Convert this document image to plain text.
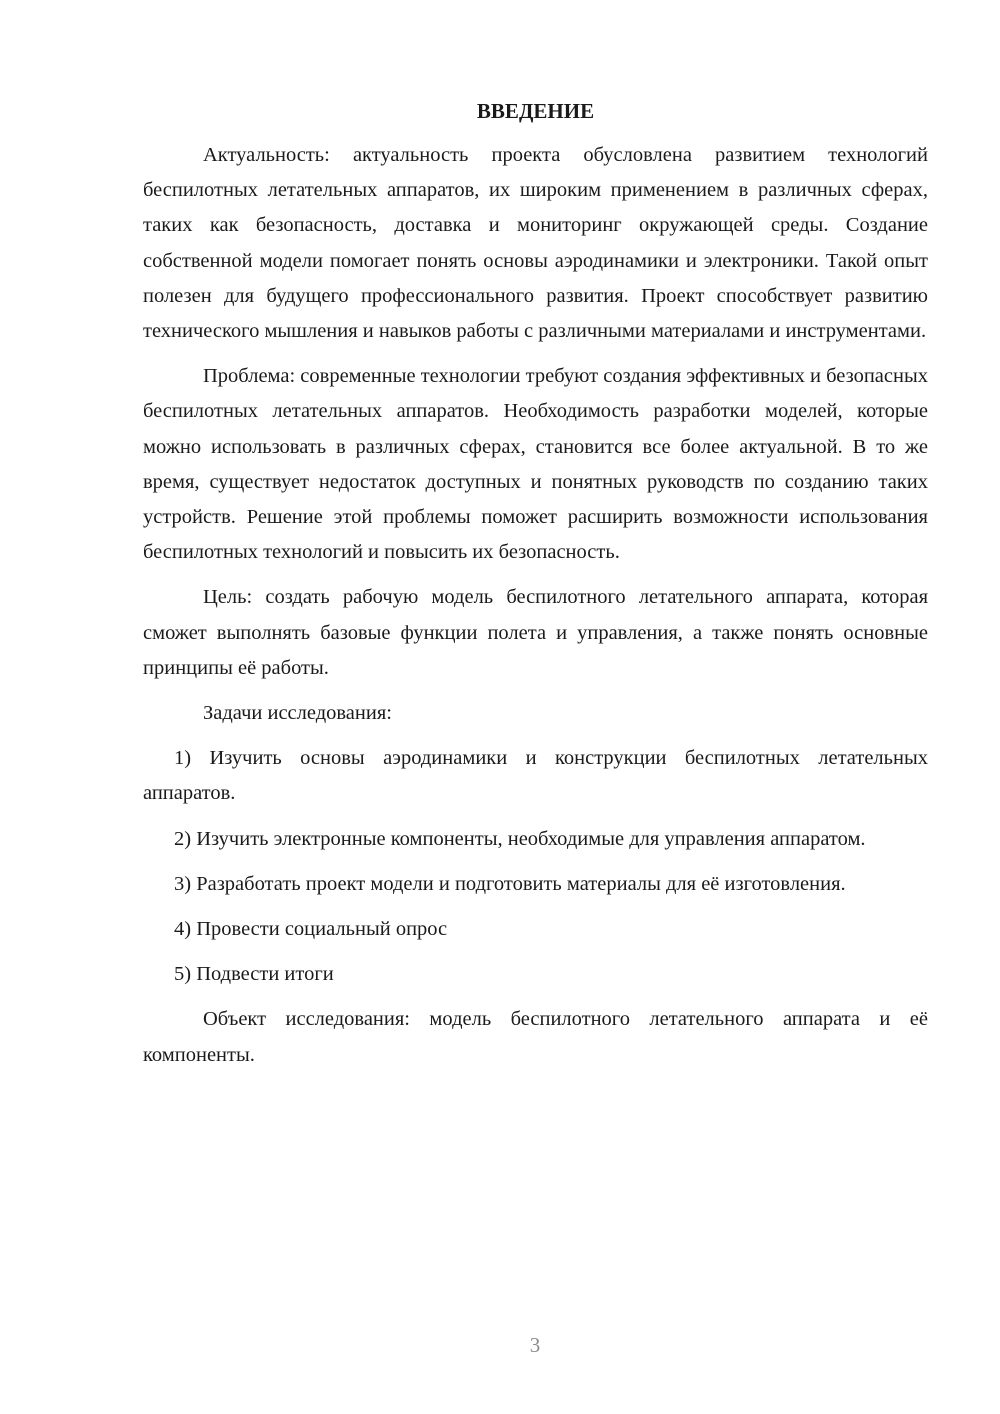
ВВЕДЕНИЕ

Актуальность: актуальность проекта обусловлена развитием технологий беспилотных летательных аппаратов, их широким применением в различных сферах, таких как безопасность, доставка и мониторинг окружающей среды. Создание собственной модели помогает понять основы аэродинамики и электроники. Такой опыт полезен для будущего профессионального развития. Проект способствует развитию технического мышления и навыков работы с различными материалами и инструментами.

Проблема: современные технологии требуют создания эффективных и безопасных беспилотных летательных аппаратов. Необходимость разработки моделей, которые можно использовать в различных сферах, становится все более актуальной. В то же время, существует недостаток доступных и понятных руководств по созданию таких устройств. Решение этой проблемы поможет расширить возможности использования беспилотных технологий и повысить их безопасность.

Цель: создать рабочую модель беспилотного летательного аппарата, которая сможет выполнять базовые функции полета и управления, а также понять основные принципы её работы.

Задачи исследования:

1) Изучить основы аэродинамики и конструкции беспилотных летательных аппаратов.

2) Изучить электронные компоненты, необходимые для управления аппаратом.

3) Разработать проект модели и подготовить материалы для её изготовления.

4) Провести социальный опрос

5) Подвести итоги

Объект исследования: модель беспилотного летательного аппарата и её компоненты.

3
